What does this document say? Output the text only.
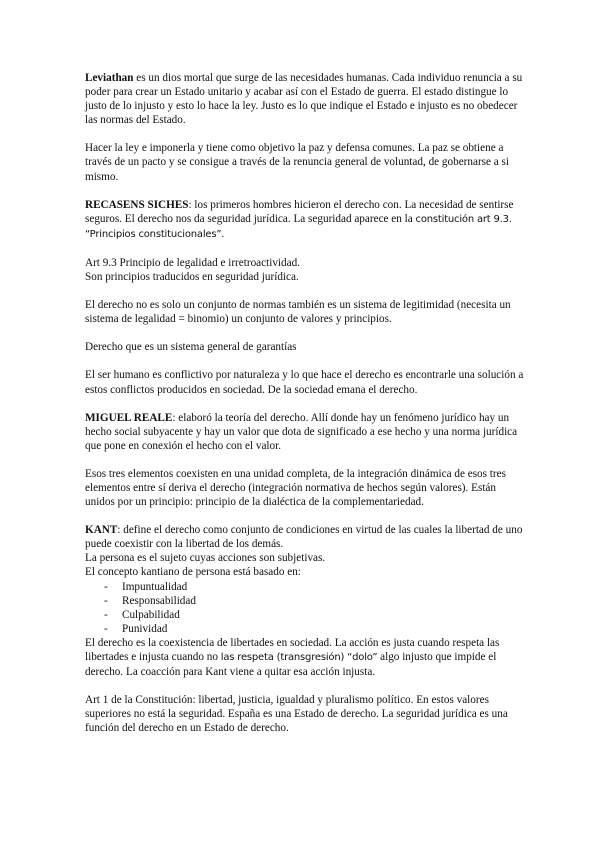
Leviathan es un dios mortal que surge de las necesidades humanas. Cada individuo renuncia a su poder para crear un Estado unitario y acabar así con el Estado de guerra. El estado distingue lo justo de lo injusto y esto lo hace la ley. Justo es lo que indique el Estado e injusto es no obedecer las normas del Estado.

Hacer la ley e imponerla y tiene como objetivo la paz y defensa comunes. La paz se obtiene a través de un pacto y se consigue a través de la renuncia general de voluntad, de gobernarse a si mismo.

RECASENS SICHES: los primeros hombres hicieron el derecho con. La necesidad de sentirse seguros. El derecho nos da seguridad jurídica. La seguridad aparece en la constitución art 9.3. “Principios constitucionales”.

Art 9.3 Principio de legalidad e irretroactividad.
Son principios traducidos en seguridad jurídica.

El derecho no es solo un conjunto de normas también es un sistema de legitimidad (necesita un sistema de legalidad = binomio) un conjunto de valores y principios.

Derecho que es un sistema general de garantías

El ser humano es conflictivo por naturaleza y lo que hace el derecho es encontrarle una solución a estos conflictos producidos en sociedad. De la sociedad emana el derecho.

MIGUEL REALE: elaboró la teoría del derecho. Allí donde hay un fenómeno jurídico hay un hecho social subyacente y hay un valor que dota de significado a ese hecho y una norma jurídica que pone en conexión el hecho con el valor.

Esos tres elementos coexisten en una unidad completa, de la integración dinámica de esos tres elementos entre sí deriva el derecho (integración normativa de hechos según valores). Están unidos por un principio: principio de la dialéctica de la complementariedad.

KANT: define el derecho como conjunto de condiciones en virtud de las cuales la libertad de uno puede coexistir con la libertad de los demás.
La persona es el sujeto cuyas acciones son subjetivas.
El concepto kantiano de persona está basado en:
- Impuntualidad
- Responsabilidad
- Culpabilidad
- Punividad
El derecho es la coexistencia de libertades en sociedad. La acción es justa cuando respeta las libertades e injusta cuando no las respeta (transgresión) “dolo” algo injusto que impide el derecho. La coacción para Kant viene a quitar esa acción injusta.

Art 1 de la Constitución: libertad, justicia, igualdad y pluralismo político. En estos valores superiores no está la seguridad. España es una Estado de derecho. La seguridad jurídica es una función del derecho en un Estado de derecho.
